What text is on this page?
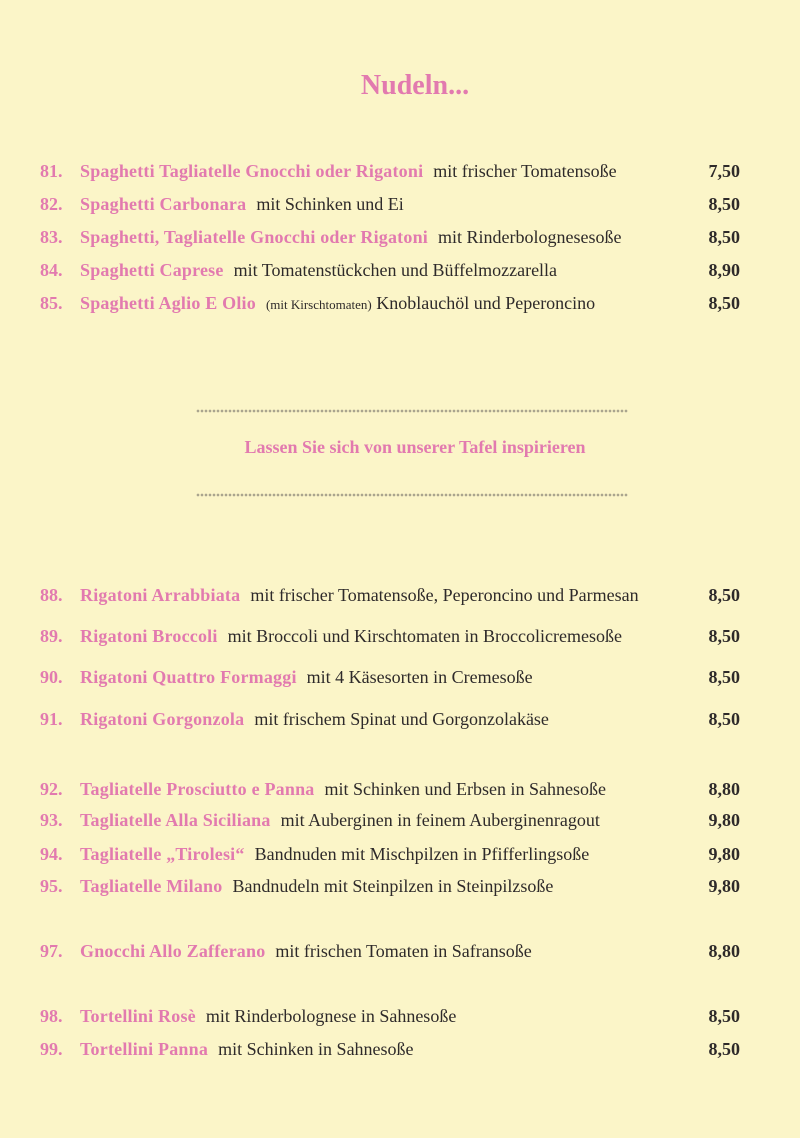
Nudeln...
81. Spaghetti Tagliatelle Gnocchi oder Rigatoni mit frischer Tomatensoße	7,50
82. Spaghetti Carbonara mit Schinken und Ei	8,50
83. Spaghetti, Tagliatelle Gnocchi oder Rigatoni mit Rinderbolognesesoße	8,50
84. Spaghetti Caprese mit Tomatenstückchen und Büffelmozzarella	8,90
85. Spaghetti Aglio E Olio (mit Kirschtomaten) Knoblauchöl und Peperoncino	8,50
Lassen Sie sich von unserer Tafel inspirieren
88. Rigatoni Arrabbiata mit frischer Tomatensoße, Peperoncino und Parmesan	8,50
89. Rigatoni Broccoli mit Broccoli und Kirschtomaten in Broccolicremesoße	8,50
90. Rigatoni Quattro Formaggi mit 4 Käsesorten in Cremesoße	8,50
91. Rigatoni Gorgonzola mit frischem Spinat und Gorgonzolakäse	8,50
92. Tagliatelle Prosciutto e Panna mit Schinken und Erbsen in Sahnesoße	8,80
93. Tagliatelle Alla Siciliana mit Auberginen in feinem Auberginenragout	9,80
94. Tagliatelle „Tirolesi“ Bandnuden mit Mischpilzen in Pfifferlingsoße	9,80
95. Tagliatelle Milano Bandnudeln mit Steinpilzen in Steinpilzsoße	9,80
97. Gnocchi Allo Zafferano mit frischen Tomaten in Safransoße	8,80
98. Tortellini Rosè mit Rinderbolognese in Sahnesoße	8,50
99. Tortellini Panna mit Schinken in Sahnesoße	8,50
